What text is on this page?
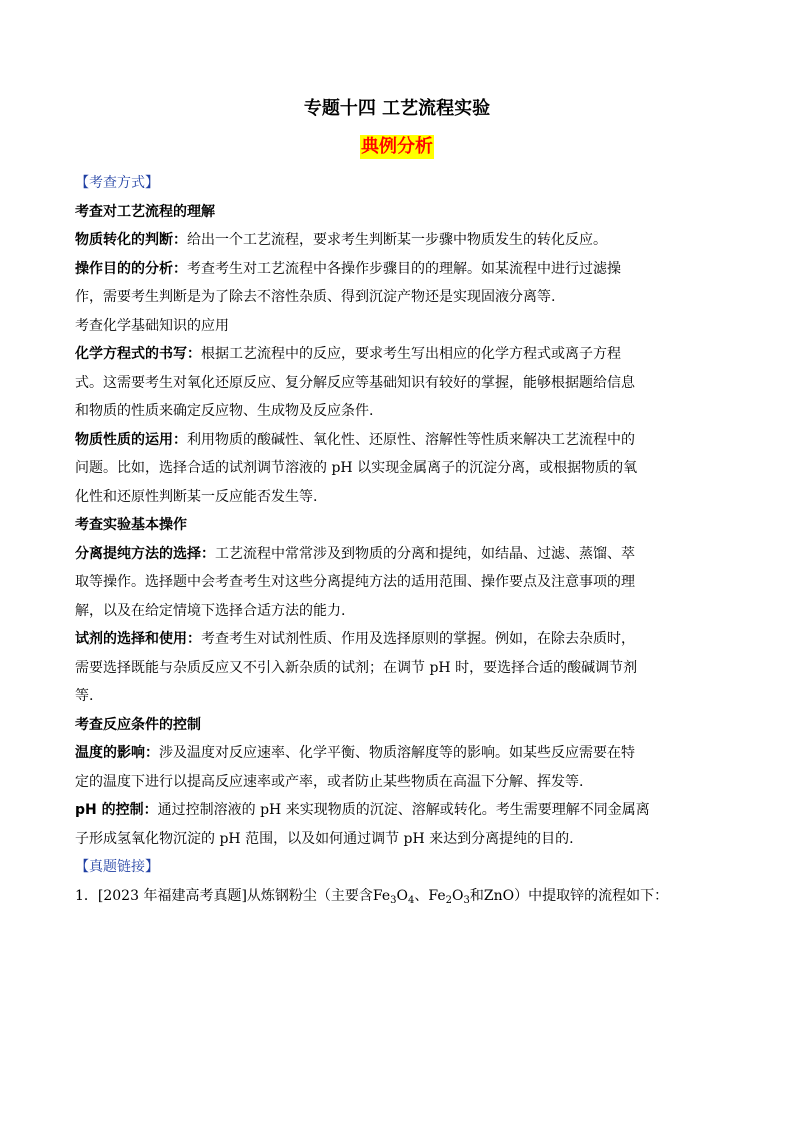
专题十四 工艺流程实验
典例分析

【考查方式】

考查对工艺流程的理解

物质转化的判断：给出一个工艺流程，要求考生判断某一步骤中物质发生的转化反应。

操作目的的分析：考查考生对工艺流程中各操作步骤目的的理解。如某流程中进行过滤操

作，需要考生判断是为了除去不溶性杂质、得到沉淀产物还是实现固液分离等.

考查化学基础知识的应用

化学方程式的书写：根据工艺流程中的反应，要求考生写出相应的化学方程式或离子方程

式。这需要考生对氧化还原反应、复分解反应等基础知识有较好的掌握，能够根据题给信息

和物质的性质来确定反应物、生成物及反应条件.

物质性质的运用：利用物质的酸碱性、氧化性、还原性、溶解性等性质来解决工艺流程中的

问题。比如，选择合适的试剂调节溶液的 pH 以实现金属离子的沉淀分离，或根据物质的氧

化性和还原性判断某一反应能否发生等.

考查实验基本操作

分离提纯方法的选择：工艺流程中常常涉及到物质的分离和提纯，如结晶、过滤、蒸馏、萃

取等操作。选择题中会考查考生对这些分离提纯方法的适用范围、操作要点及注意事项的理

解，以及在给定情境下选择合适方法的能力.

试剂的选择和使用：考查考生对试剂性质、作用及选择原则的掌握。例如，在除去杂质时，

需要选择既能与杂质反应又不引入新杂质的试剂；在调节 pH 时，要选择合适的酸碱调节剂

等.

考查反应条件的控制

温度的影响：涉及温度对反应速率、化学平衡、物质溶解度等的影响。如某些反应需要在特

定的温度下进行以提高反应速率或产率，或者防止某些物质在高温下分解、挥发等.

pH 的控制：通过控制溶液的 pH 来实现物质的沉淀、溶解或转化。考生需要理解不同金属离

子形成氢氧化物沉淀的 pH 范围，以及如何通过调节 pH 来达到分离提纯的目的.

【真题链接】

1．[2023 年福建高考真题]从炼钢粉尘（主要含$Fe_3O_4$、$Fe_2O_3$和ZnO）中提取锌的流程如下：
